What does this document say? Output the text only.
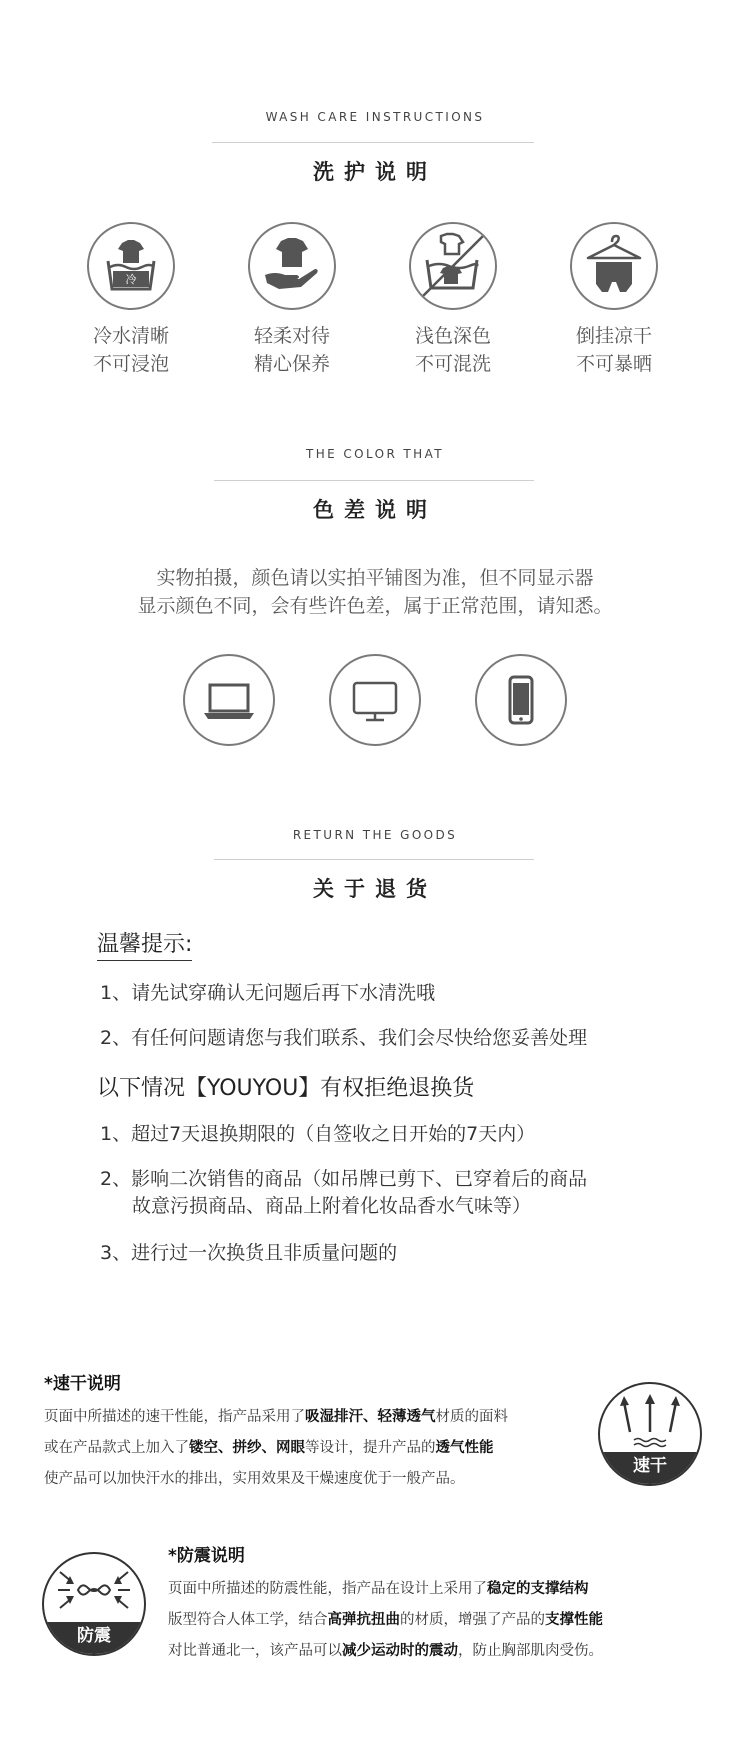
WASH CARE INSTRUCTIONS
洗护说明
冷
冷水清晰
不可浸泡
轻柔对待
精心保养
浅色深色
不可混洗
倒挂凉干
不可暴晒
THE COLOR THAT
色差说明
实物拍摄，颜色请以实拍平铺图为准，但不同显示器
显示颜色不同，会有些许色差，属于正常范围，请知悉。
RETURN THE GOODS
关于退货
温馨提示:
1、请先试穿确认无问题后再下水清洗哦
2、有任何问题请您与我们联系、我们会尽快给您妥善处理
以下情况【YOUYOU】有权拒绝退换货
1、超过7天退换期限的（自签收之日开始的7天内）
2、影响二次销售的商品（如吊牌已剪下、已穿着后的商品
故意污损商品、商品上附着化妆品香水气味等）
3、进行过一次换货且非质量问题的
*速干说明
页面中所描述的速干性能，指产品采用了吸湿排汗、轻薄透气材质的面料
或在产品款式上加入了镂空、拼纱、网眼等设计，提升产品的透气性能
使产品可以加快汗水的排出，实用效果及干燥速度优于一般产品。
速干
防震
*防震说明
页面中所描述的防震性能，指产品在设计上采用了稳定的支撑结构
版型符合人体工学，结合高弹抗扭曲的材质，增强了产品的支撑性能
对比普通北一，该产品可以减少运动时的震动，防止胸部肌肉受伤。
